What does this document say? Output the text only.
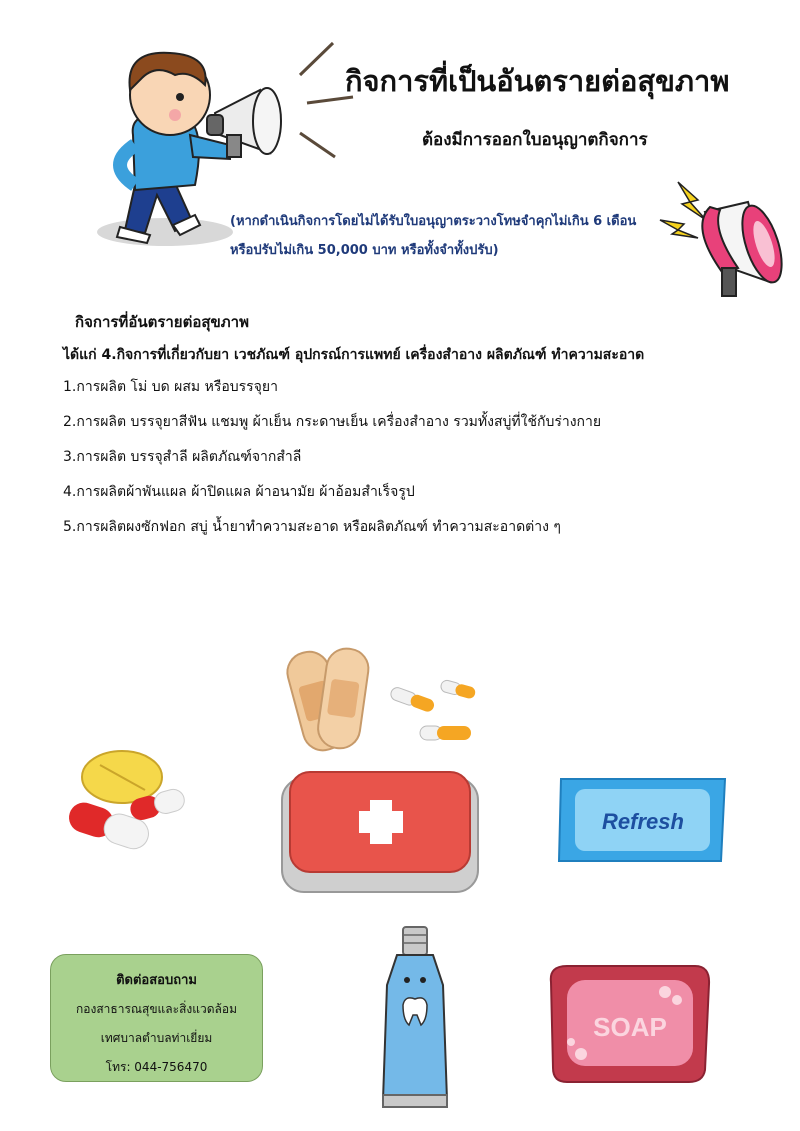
กิจการที่เป็นอันตรายต่อสุขภาพ
ต้องมีการออกใบอนุญาตกิจการ
(หากดำเนินกิจการโดยไม่ได้รับใบอนุญาตระวางโทษจำคุกไม่เกิน 6 เดือน
หรือปรับไม่เกิน 50,000 บาท หรือทั้งจำทั้งปรับ)
กิจการที่อันตรายต่อสุขภาพ
ได้แก่ 4.กิจการที่เกี่ยวกับยา เวชภัณฑ์ อุปกรณ์การแพทย์ เครื่องสำอาง ผลิตภัณฑ์ ทำความสะอาด
1.การผลิต โม่ บด ผสม หรือบรรจุยา
2.การผลิต บรรจุยาสีฟัน แชมพู ผ้าเย็น กระดาษเย็น เครื่องสำอาง รวมทั้งสบู่ที่ใช้กับร่างกาย
3.การผลิต บรรจุสำลี ผลิตภัณฑ์จากสำลี
4.การผลิตผ้าพันแผล ผ้าปิดแผล ผ้าอนามัย ผ้าอ้อมสำเร็จรูป
5.การผลิตผงซักฟอก สบู่ น้ำยาทำความสะอาด หรือผลิตภัณฑ์ ทำความสะอาดต่าง ๆ
Refresh
ติดต่อสอบถาม
กองสาธารณสุขและสิ่งแวดล้อม
เทศบาลตำบลท่าเยี่ยม
โทร: 044-756470
SOAP
